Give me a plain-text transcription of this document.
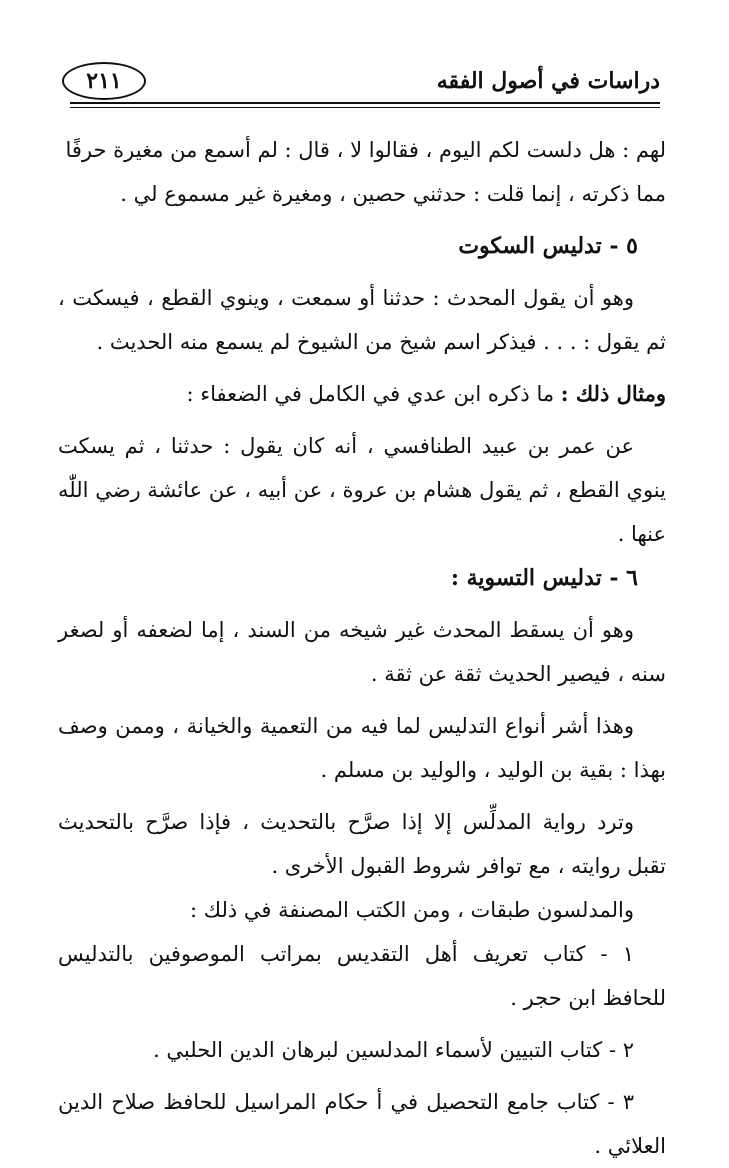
٢١١	دراسات في أصول الفقه

لهم : هل دلست لكم اليوم ، فقالوا لا ، قال : لم أسمع من مغيرة حرفًا

مما ذكرته ، إنما قلت : حدثني حصين ، ومغيرة غير مسموع لي .

٥ - تدليس السكوت

وهو أن يقول المحدث : حدثنا أو سمعت ، وينوي القطع ، فيسكت ، ثم يقول : . . . فيذكر اسم شيخ من الشيوخ لم يسمع منه الحديث .

ومثال ذلك : ما ذكره ابن عدي في الكامل في الضعفاء :

عن عمر بن عبيد الطنافسي ، أنه كان يقول : حدثنا ، ثم يسكت ينوي القطع ، ثم يقول هشام بن عروة ، عن أبيه ، عن عائشة رضي اللّٰه عنها .

٦ - تدليس التسوية :

وهو أن يسقط المحدث غير شيخه من السند ، إما لضعفه أو لصغر سنه ، فيصير الحديث ثقة عن ثقة .

وهذا أشر أنواع التدليس لما فيه من التعمية والخيانة ، وممن وصف بهذا : بقية بن الوليد ، والوليد بن مسلم .

وترد رواية المدلِّس إلا إذا صرَّح بالتحديث ، فإذا صرَّح بالتحديث تقبل روايته ، مع توافر شروط القبول الأخرى .

والمدلسون طبقات ، ومن الكتب المصنفة في ذلك :

١ - كتاب تعريف أهل التقديس بمراتب الموصوفين بالتدليس للحافظ ابن حجر .

٢ - كتاب التبيين لأسماء المدلسين لبرهان الدين الحلبي .

٣ - كتاب جامع التحصيل في أ حكام المراسيل للحافظ صلاح الدين العلائي .
